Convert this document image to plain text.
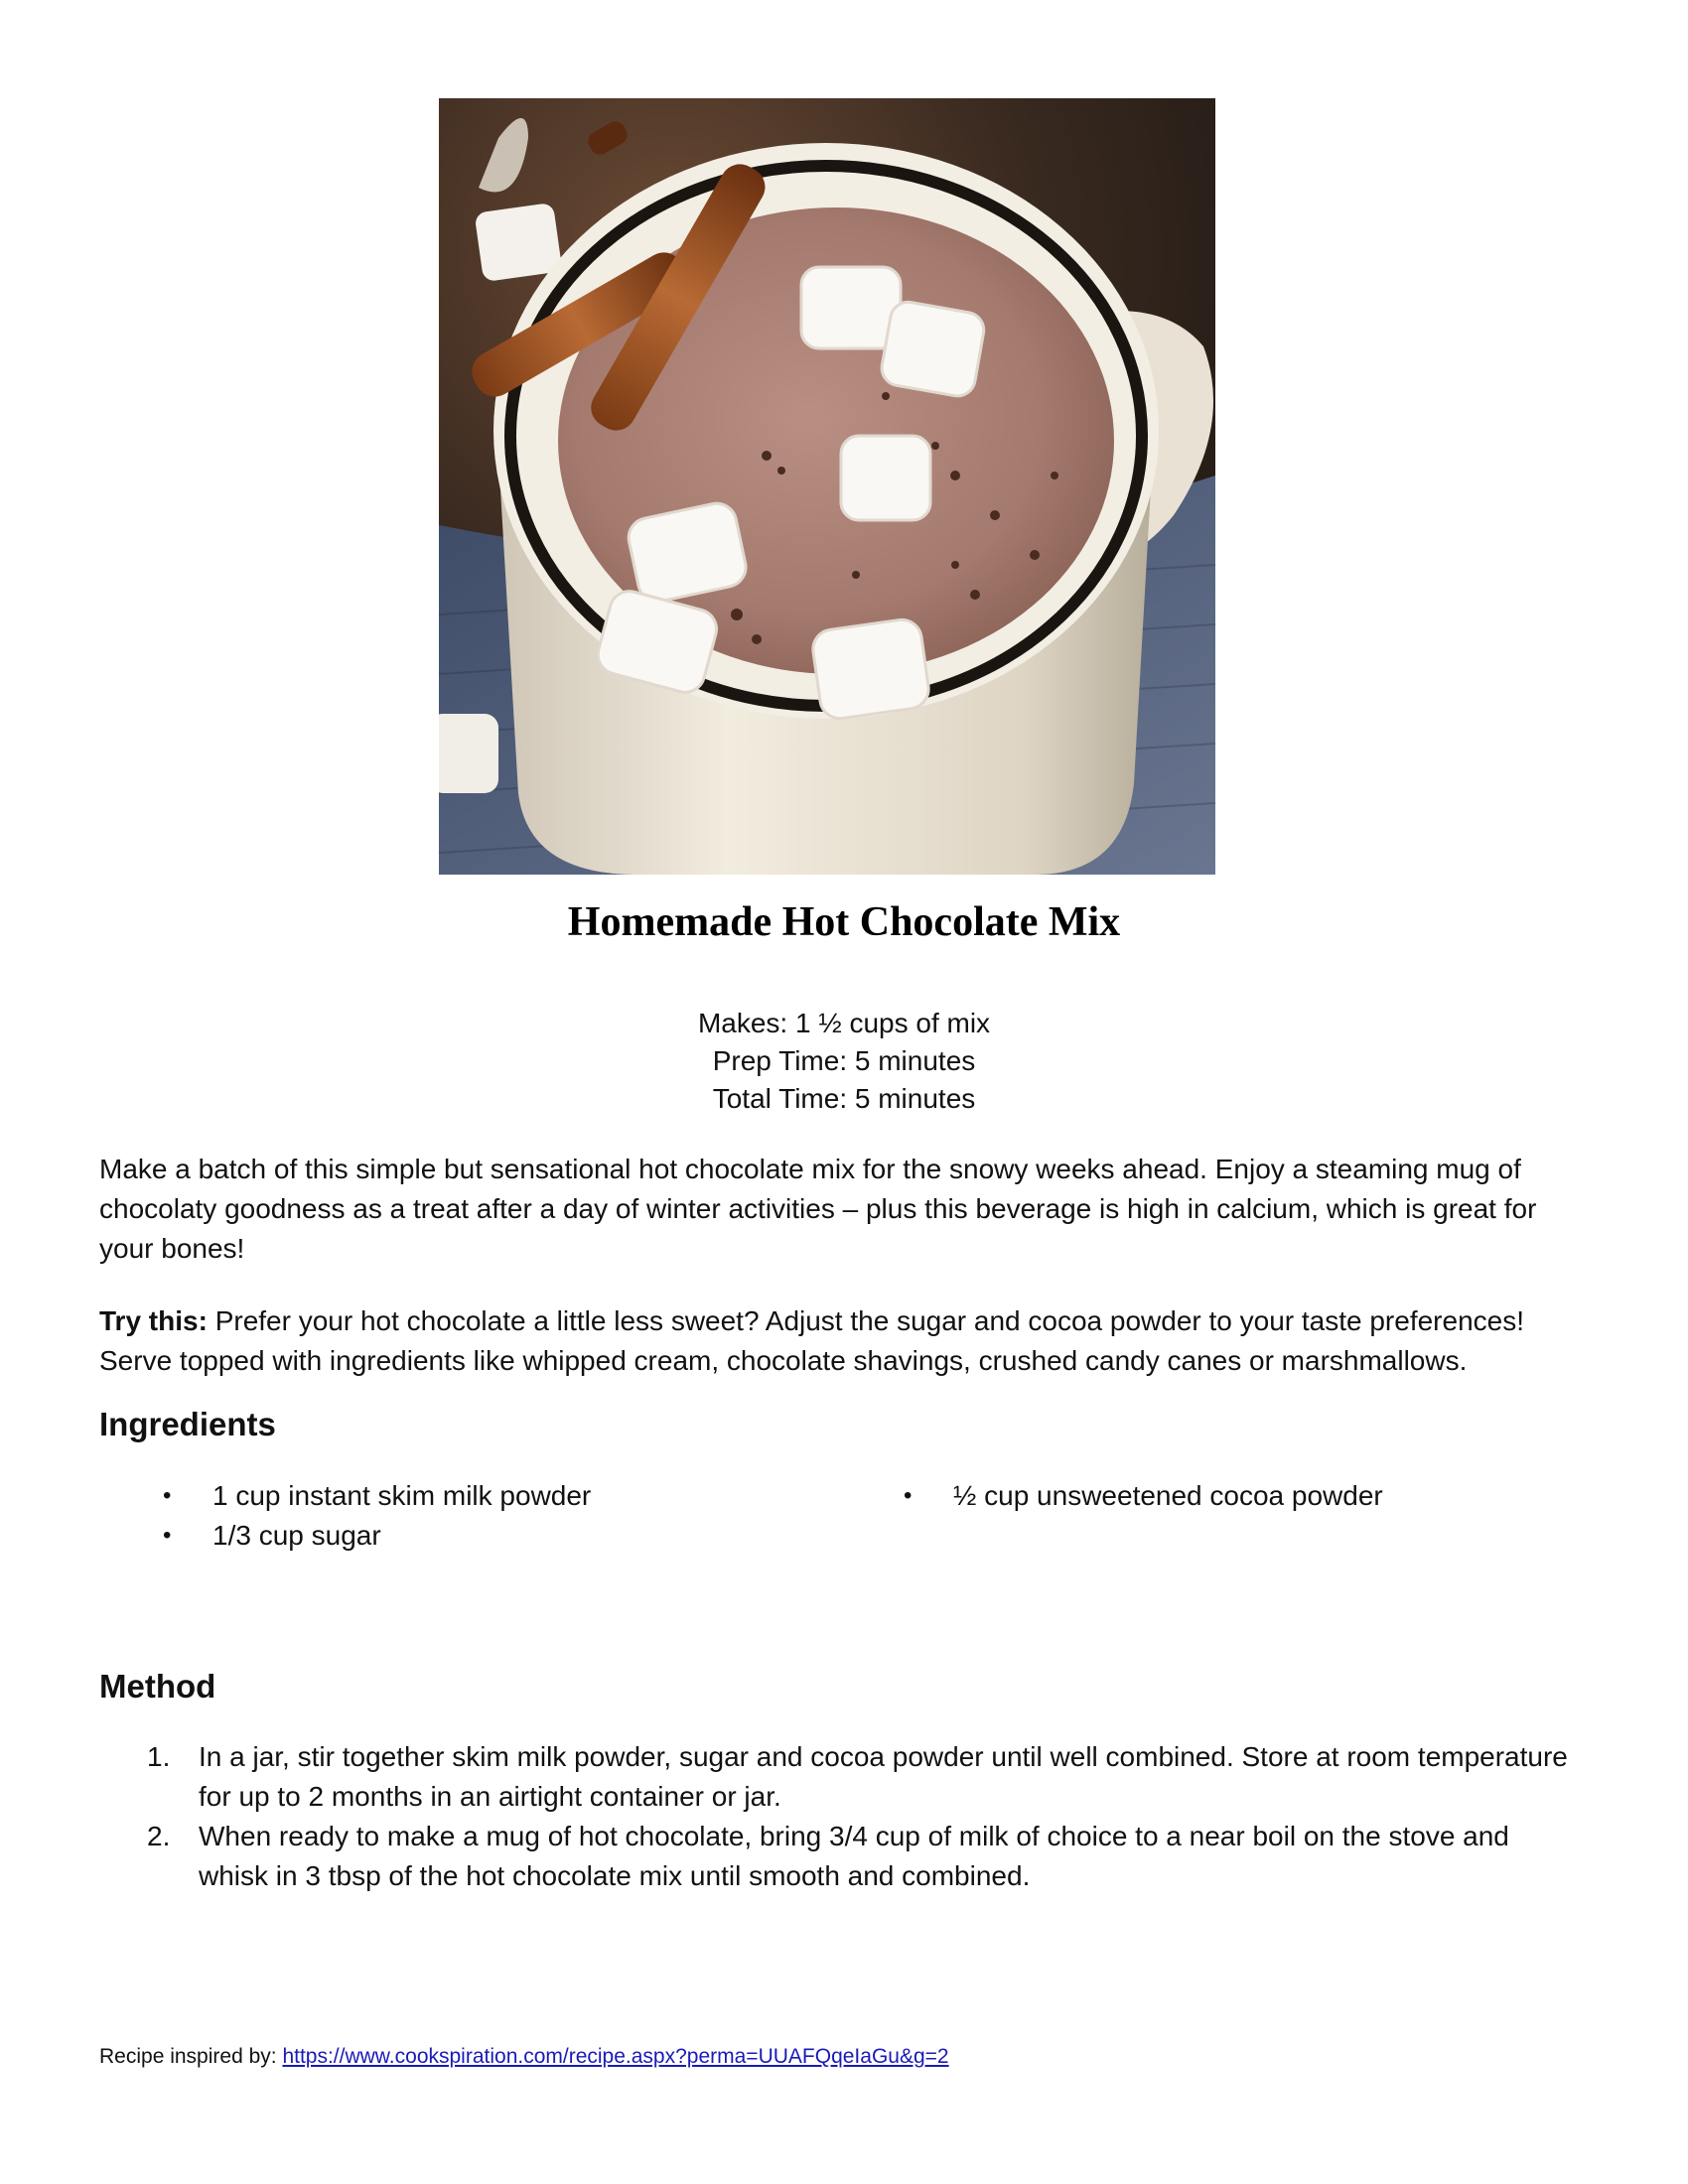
Homemade Hot Chocolate Mix
Makes: 1 ½ cups of mix
Prep Time: 5 minutes
Total Time: 5 minutes

Make a batch of this simple but sensational hot chocolate mix for the snowy weeks ahead. Enjoy a steaming mug of chocolaty goodness as a treat after a day of winter activities – plus this beverage is high in calcium, which is great for your bones!

Try this: Prefer your hot chocolate a little less sweet? Adjust the sugar and cocoa powder to your taste preferences! Serve topped with ingredients like whipped cream, chocolate shavings, crushed candy canes or marshmallows.

Ingredients
• 1 cup instant skim milk powder
• 1/3 cup sugar
• ½ cup unsweetened cocoa powder
Method
1. In a jar, stir together skim milk powder, sugar and cocoa powder until well combined. Store at room temperature for up to 2 months in an airtight container or jar.
2. When ready to make a mug of hot chocolate, bring 3/4 cup of milk of choice to a near boil on the stove and whisk in 3 tbsp of the hot chocolate mix until smooth and combined.
Recipe inspired by: https://www.cookspiration.com/recipe.aspx?perma=UUAFQqeIaGu&g=2
